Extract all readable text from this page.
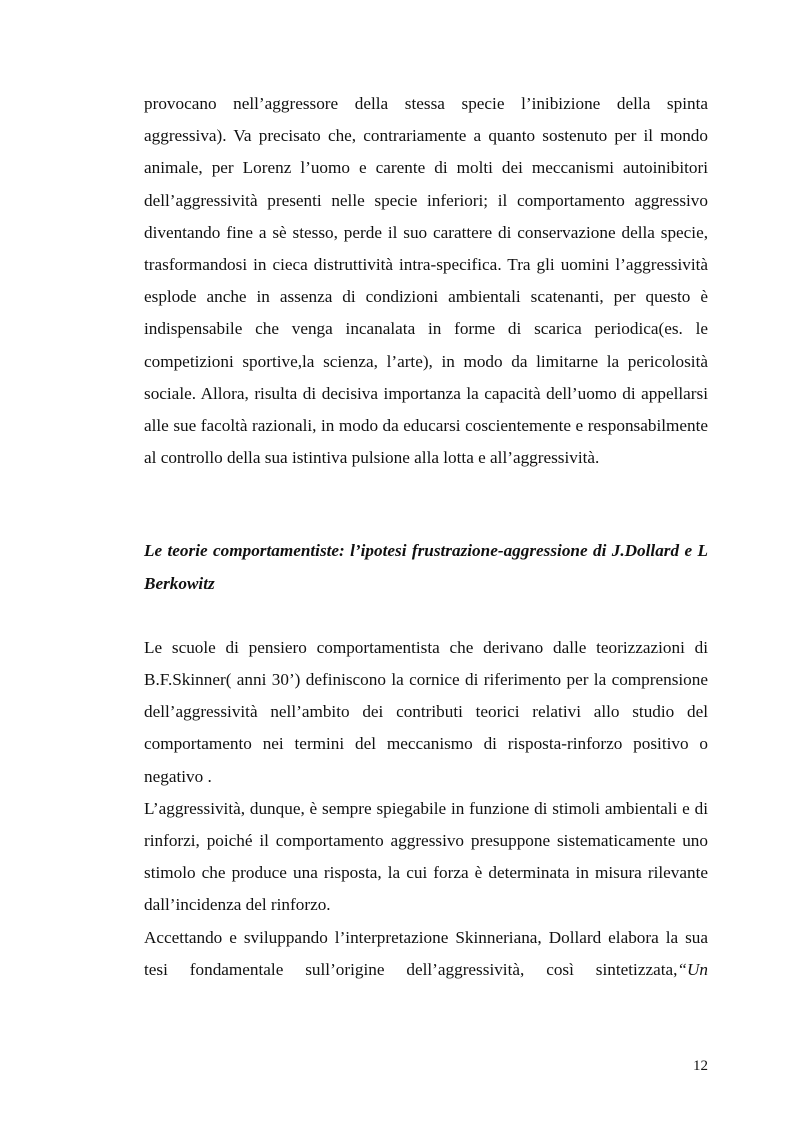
provocano nell’aggressore della stessa specie l’inibizione della spinta aggressiva). Va precisato che, contrariamente a quanto sostenuto per il mondo animale, per Lorenz l’uomo e carente di molti dei meccanismi autoinibitori dell’aggressività presenti nelle specie inferiori; il comportamento aggressivo diventando fine a sè stesso, perde il suo carattere di conservazione della specie, trasformandosi in cieca distruttività intra-specifica. Tra gli uomini l’aggressività esplode anche in assenza di condizioni ambientali scatenanti, per questo è indispensabile che venga incanalata in forme di scarica periodica(es. le competizioni sportive,la scienza, l’arte), in modo da limitarne la pericolosità sociale. Allora, risulta di decisiva importanza la capacità dell’uomo di appellarsi alle sue facoltà razionali, in modo da educarsi coscientemente e responsabilmente al controllo della sua istintiva pulsione alla lotta e all’aggressività.

Le teorie comportamentiste: l’ipotesi frustrazione-aggressione di J.Dollard e L Berkowitz

Le scuole di pensiero comportamentista che derivano dalle teorizzazioni di B.F.Skinner( anni 30’) definiscono la cornice di riferimento per la comprensione dell’aggressività nell’ambito dei contributi teorici relativi allo studio del comportamento nei termini del meccanismo di risposta-rinforzo positivo o negativo .

L’aggressività, dunque, è sempre spiegabile in funzione di stimoli ambientali e di rinforzi, poiché il comportamento aggressivo presuppone sistematicamente uno stimolo che produce una risposta, la cui forza è determinata in misura rilevante dall’incidenza del rinforzo.

Accettando e sviluppando l’interpretazione Skinneriana, Dollard elabora la sua tesi fondamentale sull’origine dell’aggressività, così sintetizzata,“Un

12
